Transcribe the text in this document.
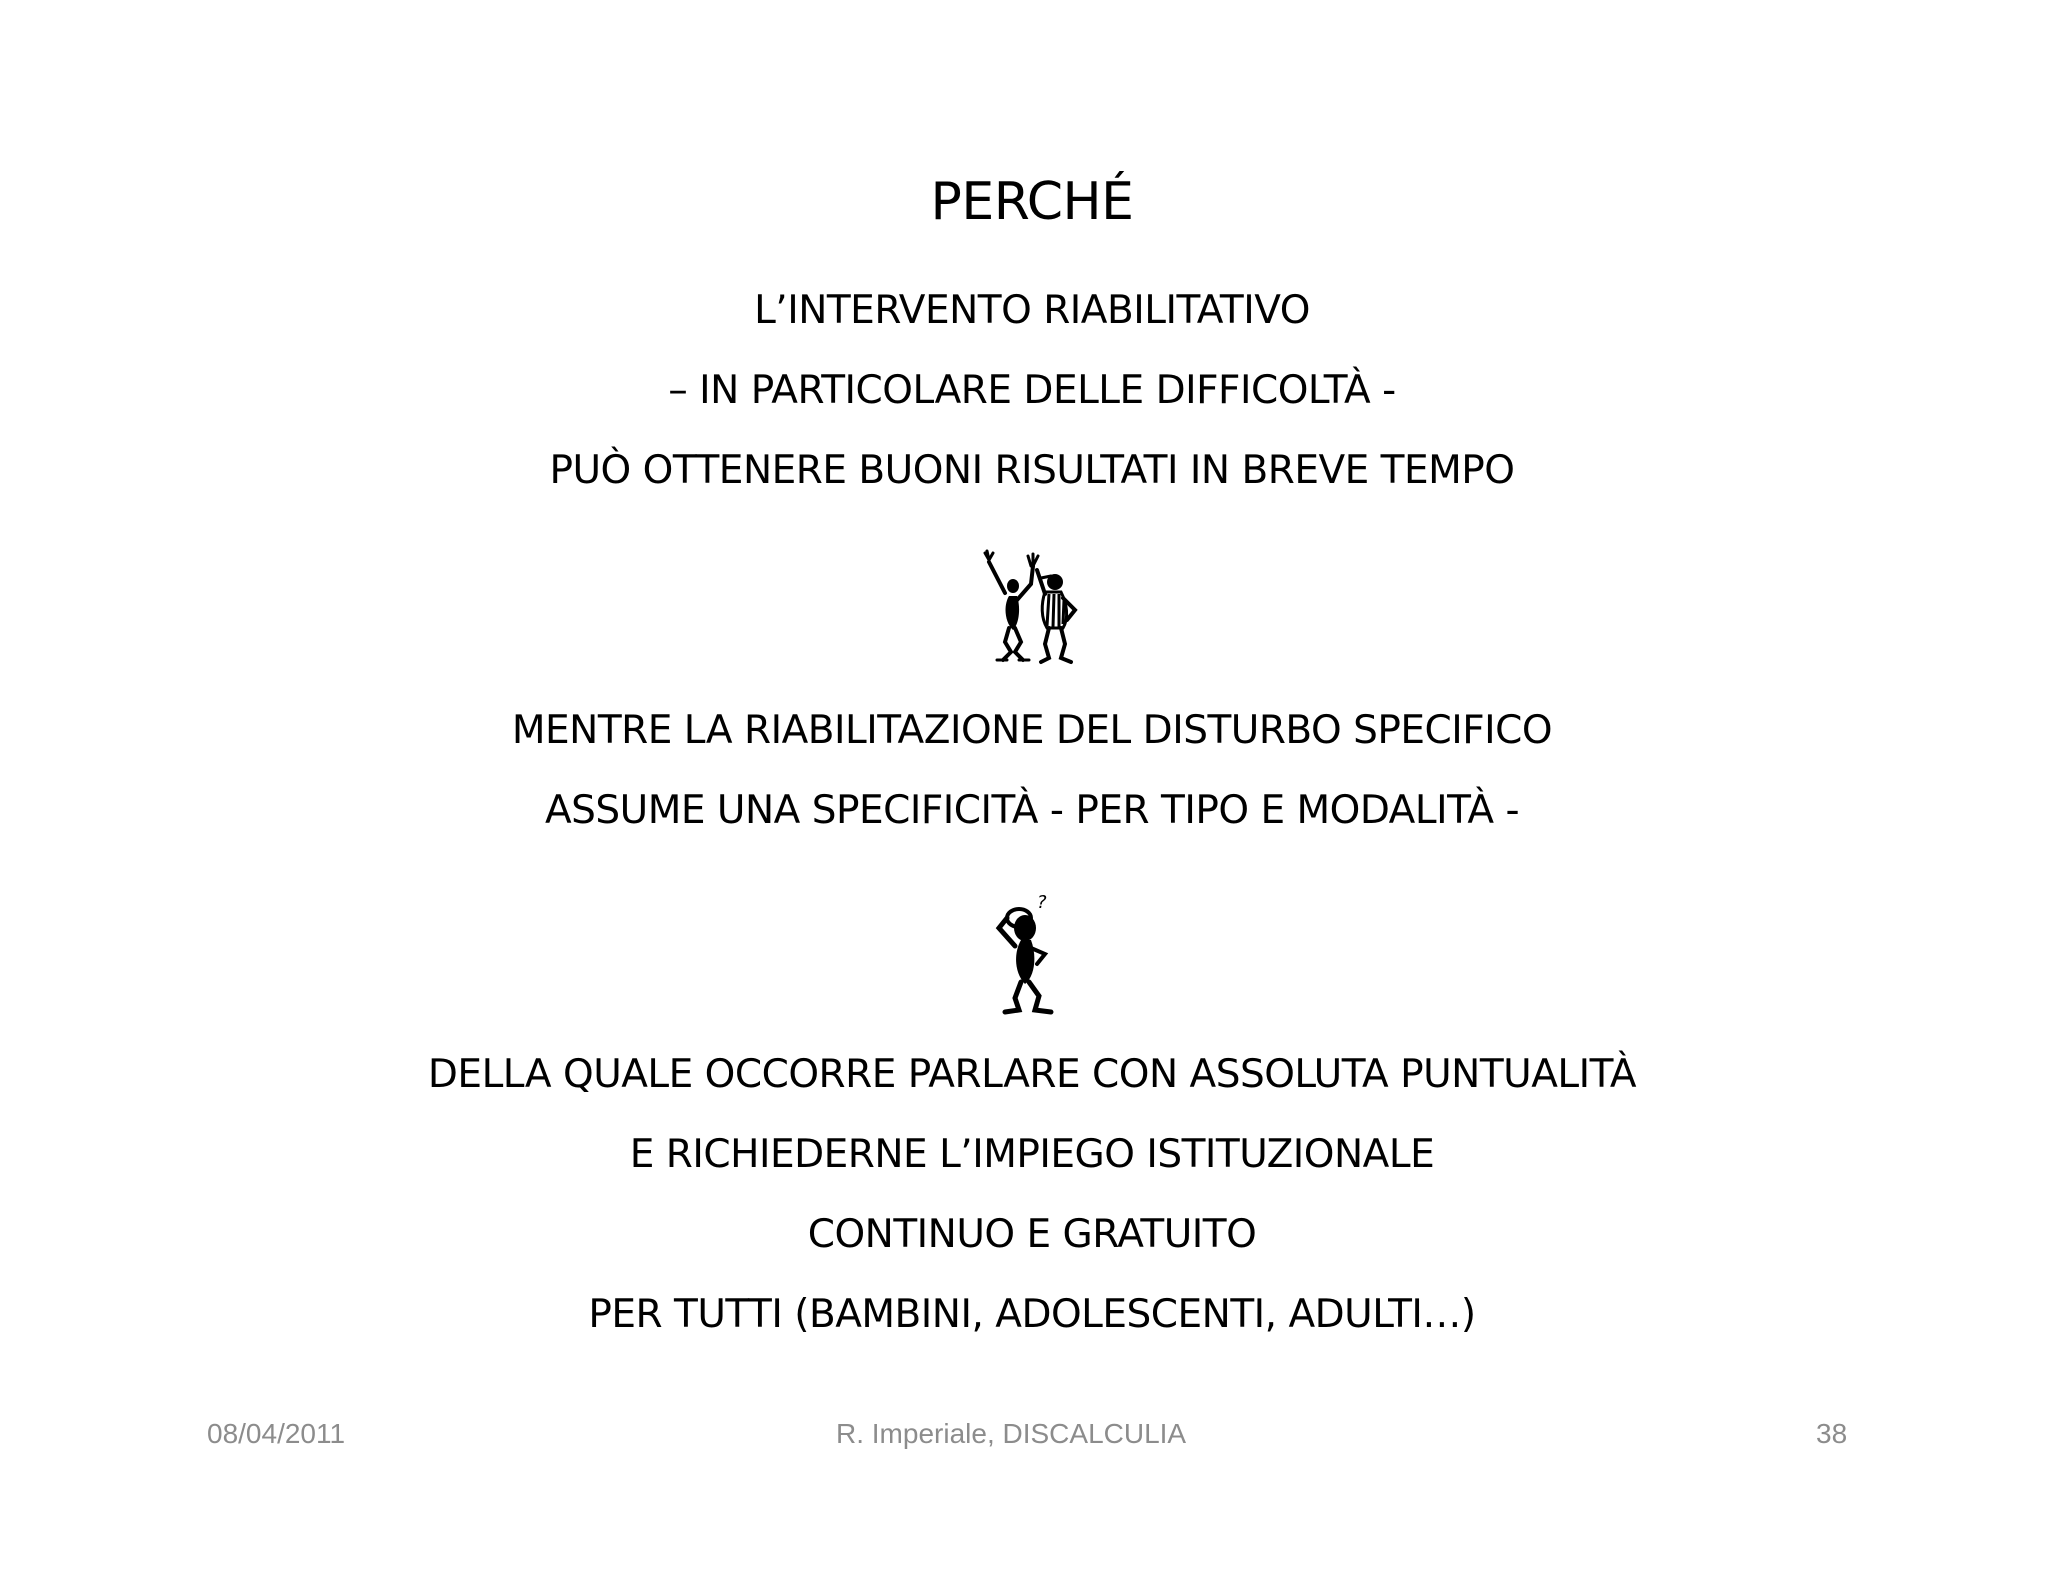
PERCHÉ
L’INTERVENTO RIABILITATIVO
– IN PARTICOLARE DELLE DIFFICOLTÀ -
PUÒ OTTENERE BUONI RISULTATI IN BREVE TEMPO
MENTRE LA RIABILITAZIONE DEL DISTURBO SPECIFICO
ASSUME UNA SPECIFICITÀ - PER TIPO E MODALITÀ -
?
DELLA QUALE OCCORRE PARLARE CON ASSOLUTA PUNTUALITÀ
E RICHIEDERNE L’IMPIEGO ISTITUZIONALE
CONTINUO E GRATUITO
PER TUTTI (BAMBINI, ADOLESCENTI, ADULTI…)
08/04/2011	R. Imperiale, DISCALCULIA	38
